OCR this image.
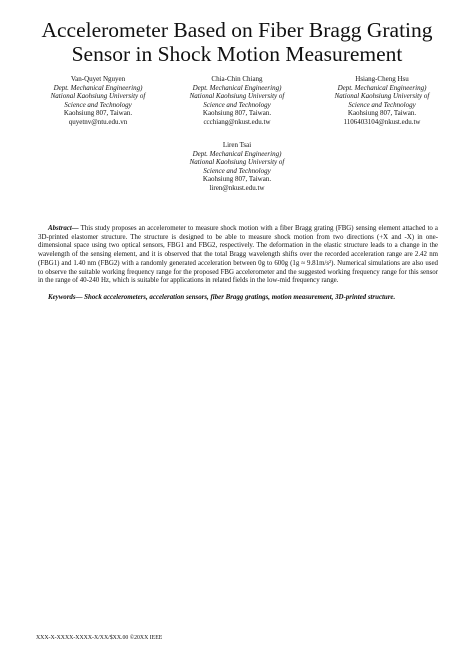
Accelerometer Based on Fiber Bragg Grating
Sensor in Shock Motion Measurement
Van-Quyet Nguyen
Dept. Mechanical Engineering)
National Kaohsiung University of
Science and Technology
Kaohsiung 807, Taiwan.
quyetnv@ntu.edu.vn
Chia-Chin Chiang
Dept. Mechanical Engineering)
National Kaohsiung University of
Science and Technology
Kaohsiung 807, Taiwan.
ccchiang@nkust.edu.tw
Hsiang-Cheng Hsu
Dept. Mechanical Engineering)
National Kaohsiung University of
Science and Technology
Kaohsiung 807, Taiwan.
1106403104@nkust.edu.tw
Liren Tsai
Dept. Mechanical Engineering)
National Kaohsiung University of
Science and Technology
Kaohsiung 807, Taiwan.
liren@nkust.edu.tw

Abstract— This study proposes an accelerometer to measure shock motion with a fiber Bragg grating (FBG) sensing element attached to a 3D-printed elastomer structure. The structure is designed to be able to measure shock motion from two directions (+X and -X) in one-dimensional space using two optical sensors, FBG1 and FBG2, respectively. The deformation in the elastic structure leads to a change in the wavelength of the sensing element, and it is observed that the total Bragg wavelength shifts over the recorded acceleration range are 2.42 nm (FBG1) and 1.40 nm (FBG2) with a randomly generated acceleration between 0g to 600g (1g ≈ 9.81m/s²). Numerical simulations are also used to observe the suitable working frequency range for the proposed FBG accelerometer and the suggested working frequency range for this sensor in the range of 40-240 Hz, which is suitable for applications in related fields in the low-mid frequency range.

Keywords— Shock accelerometers, acceleration sensors, fiber Bragg gratings, motion measurement, 3D-printed structure.
XXX-X-XXXX-XXXX-X/XX/$XX.00 ©20XX IEEE
